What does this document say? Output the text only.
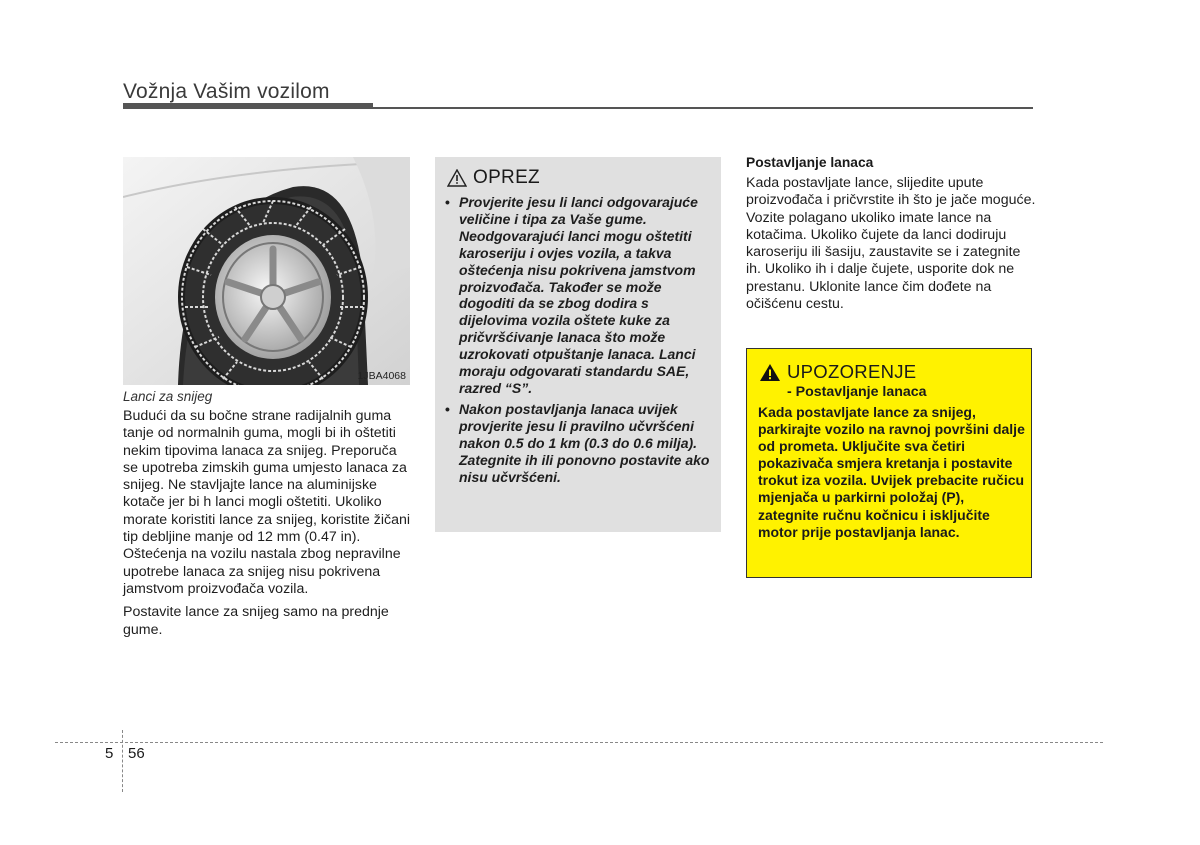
Vožnja Vašim vozilom
1JBA4068
Lanci za snijeg

Budući da su bočne strane radijalnih guma tanje od normalnih guma, mogli bi ih oštetiti nekim tipovima lanaca za snijeg. Preporuča se upotreba zimskih guma umjesto lanaca za snijeg. Ne stavljajte lance na aluminijske kotače jer bi h lanci mogli oštetiti. Ukoliko morate koristiti lance za snijeg, koristite žičani tip debljine manje od 12 mm (0.47 in). Oštećenja na vozilu nastala zbog nepravilne upotrebe lanaca za snijeg nisu pokrivena jamstvom proizvođača vozila.

Postavite lance za snijeg samo na prednje gume.

OPREZ
• Provjerite jesu li lanci odgovarajuće veličine i tipa za Vaše gume. Neodgovarajući lanci mogu oštetiti karoseriju i ovjes vozila, a takva oštećenja nisu pokrivena jamstvom proizvođača. Također se može dogoditi da se zbog dodira s dijelovima vozila oštete kuke za pričvršćivanje lanaca što može uzrokovati otpuštanje lanaca. Lanci moraju odgovarati standardu SAE, razred “S”.
• Nakon postavljanja lanaca uvijek provjerite jesu li pravilno učvršćeni nakon 0.5 do 1 km (0.3 do 0.6 milja). Zategnite ih ili ponovno postavite ako nisu učvršćeni.
Postavljanje lanaca
Kada postavljate lance, slijedite upute proizvođača i pričvrstite ih što je jače moguće. Vozite polagano ukoliko imate lance na kotačima. Ukoliko čujete da lanci dodiruju karoseriju ili šasiju, zaustavite se i zategnite ih. Ukoliko ih i dalje čujete, usporite dok ne prestanu. Uklonite lance čim dođete na očišćenu cestu.
UPOZORENJE
- Postavljanje lanaca
Kada postavljate lance za snijeg, parkirajte vozilo na ravnoj površini dalje od prometa. Uključite sva četiri pokazivača smjera kretanja i postavite trokut iza vozila. Uvijek prebacite ručicu mjenjača u parkirni položaj (P), zategnite ručnu kočnicu i isključite motor prije postavljanja lanac.
5 56
